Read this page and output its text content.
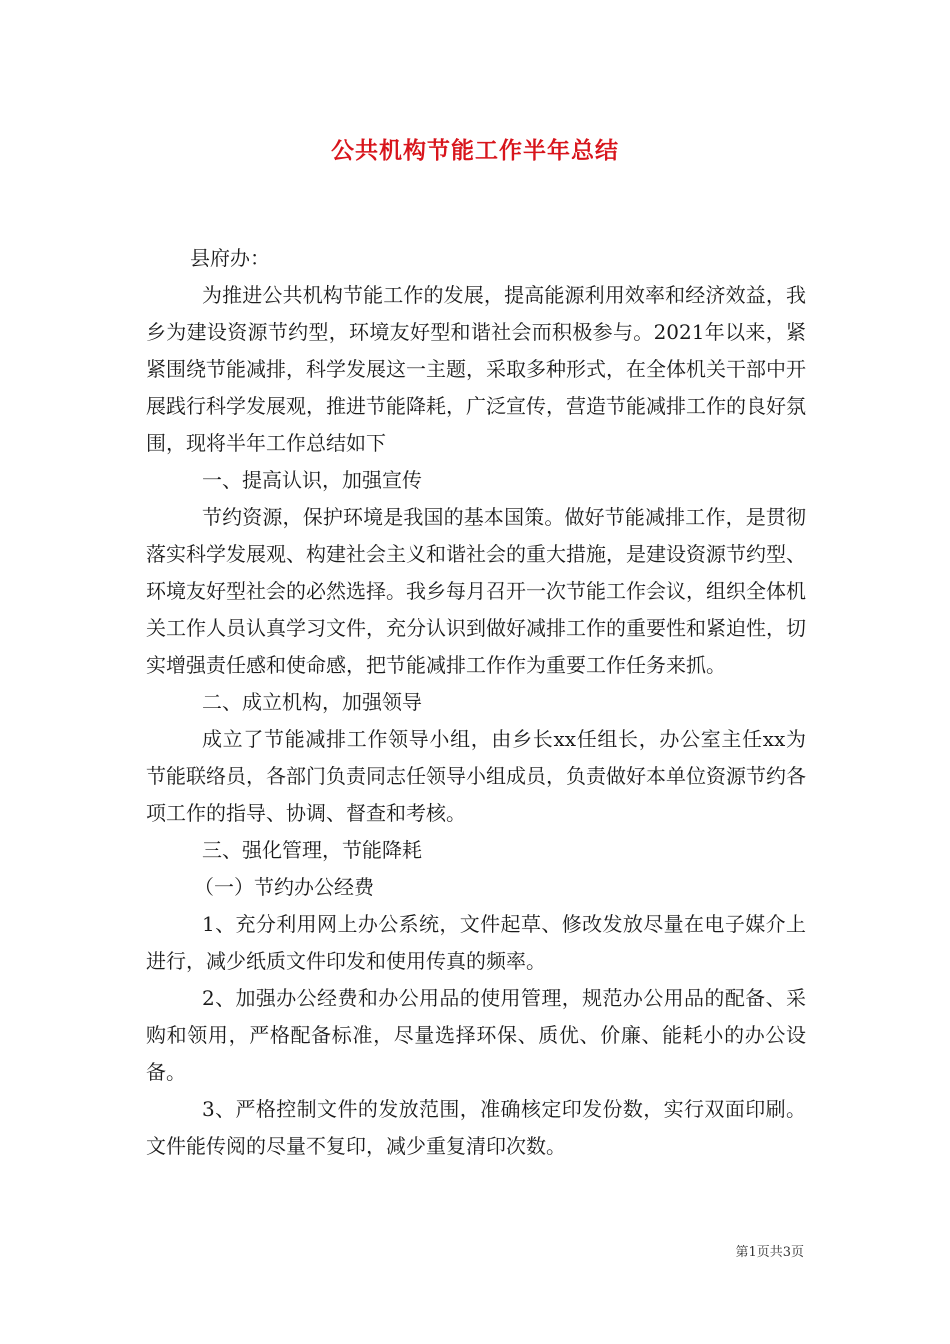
公共机构节能工作半年总结

县府办：

为推进公共机构节能工作的发展，提高能源利用效率和经济效益，我乡为建设资源节约型，环境友好型和谐社会而积极参与。2021年以来，紧紧围绕节能减排，科学发展这一主题，采取多种形式，在全体机关干部中开展践行科学发展观，推进节能降耗，广泛宣传，营造节能减排工作的良好氛围，现将半年工作总结如下

一、提高认识，加强宣传

节约资源，保护环境是我国的基本国策。做好节能减排工作，是贯彻落实科学发展观、构建社会主义和谐社会的重大措施，是建设资源节约型、环境友好型社会的必然选择。我乡每月召开一次节能工作会议，组织全体机关工作人员认真学习文件，充分认识到做好减排工作的重要性和紧迫性，切实增强责任感和使命感，把节能减排工作作为重要工作任务来抓。

二、成立机构，加强领导

成立了节能减排工作领导小组，由乡长xx任组长，办公室主任xx为节能联络员，各部门负责同志任领导小组成员，负责做好本单位资源节约各项工作的指导、协调、督查和考核。

三、强化管理，节能降耗

（一）节约办公经费

1、充分利用网上办公系统，文件起草、修改发放尽量在电子媒介上进行，减少纸质文件印发和使用传真的频率。

2、加强办公经费和办公用品的使用管理，规范办公用品的配备、采购和领用，严格配备标准，尽量选择环保、质优、价廉、能耗小的办公设备。

3、严格控制文件的发放范围，准确核定印发份数，实行双面印刷。文件能传阅的尽量不复印，减少重复清印次数。

第1页共3页
